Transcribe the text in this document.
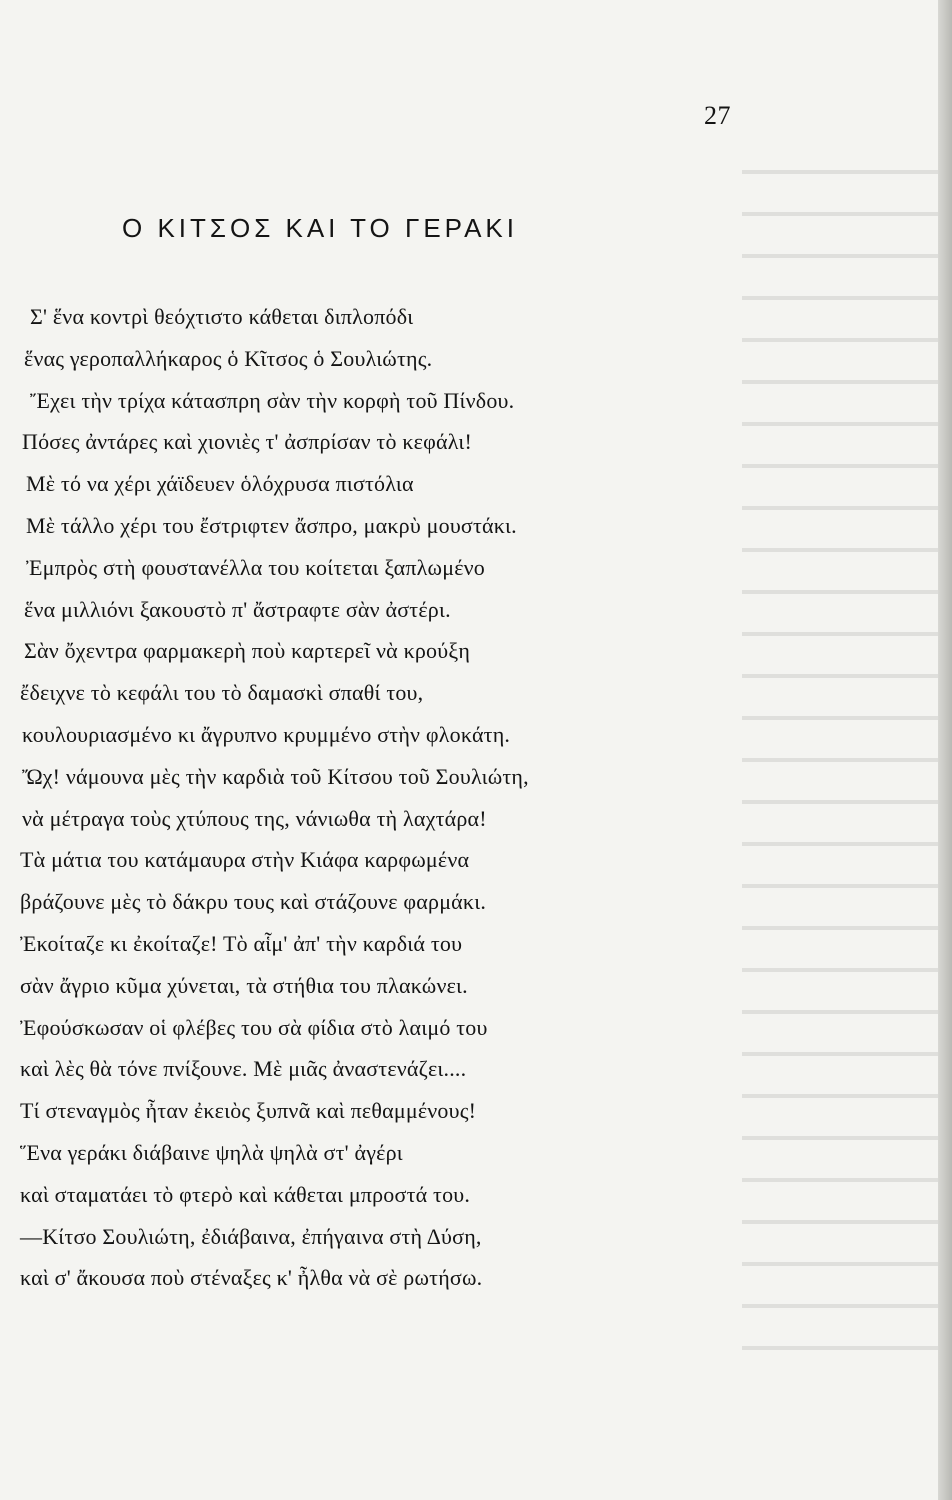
27
Ο ΚΙΤΣΟΣ ΚΑΙ ΤΟ ΓΕΡΑΚΙ
Σ' ἕνα κοντρὶ θεόχτιστο κάθεται διπλοπόδι
ἕνας γεροπαλλήκαρος ὁ Κῖτσος ὁ Σουλιώτης.
Ἔχει τὴν τρίχα κάτασπρη σὰν τὴν κορφὴ τοῦ Πίνδου.
Πόσες ἀντάρες καὶ χιονιὲς τ' ἀσπρίσαν τὸ κεφάλι!
Μὲ τό να χέρι χάϊδευεν ὁλόχρυσα πιστόλια
Μὲ τάλλο χέρι του ἔστριφτεν ἄσπρο, μακρὺ μουστάκι.
Ἐμπρὸς στὴ φουστανέλλα του κοίτεται ξαπλωμένο
ἕνα μιλλιόνι ξακουστὸ π' ἄστραφτε σὰν ἀστέρι.
Σὰν ὄχεντρα φαρμακερὴ ποὺ καρτερεῖ νὰ κρούξη
ἔδειχνε τὸ κεφάλι του τὸ δαμασκὶ σπαθί του,
κουλουριασμένο κι ἄγρυπνο κρυμμένο στὴν φλοκάτη.
Ὤχ! νάμουνα μὲς τὴν καρδιὰ τοῦ Κίτσου τοῦ Σουλιώτη,
νὰ μέτραγα τοὺς χτύπους της, νάνιωθα τὴ λαχτάρα!
Τὰ μάτια του κατάμαυρα στὴν Κιάφα καρφωμένα
βράζουνε μὲς τὸ δάκρυ τους καὶ στάζουνε φαρμάκι.
Ἐκοίταζε κι ἐκοίταζε! Τὸ αἷμ' ἀπ' τὴν καρδιά του
σὰν ἄγριο κῦμα χύνεται, τὰ στήθια του πλακώνει.
Ἐφούσκωσαν οἱ φλέβες του σὰ φίδια στὸ λαιμό του
καὶ λὲς θὰ τόνε πνίξουνε. Μὲ μιᾶς ἀναστενάζει....
Τί στεναγμὸς ἦταν ἐκειὸς ξυπνᾶ καὶ πεθαμμένους!
Ἕνα γεράκι διάβαινε ψηλὰ ψηλὰ στ' ἀγέρι
καὶ σταματάει τὸ φτερὸ καὶ κάθεται μπροστά του.
—Κίτσο Σουλιώτη, ἐδιάβαινα, ἐπήγαινα στὴ Δύση,
καὶ σ' ἄκουσα ποὺ στέναξες κ' ἦλθα νὰ σὲ ρωτήσω.
